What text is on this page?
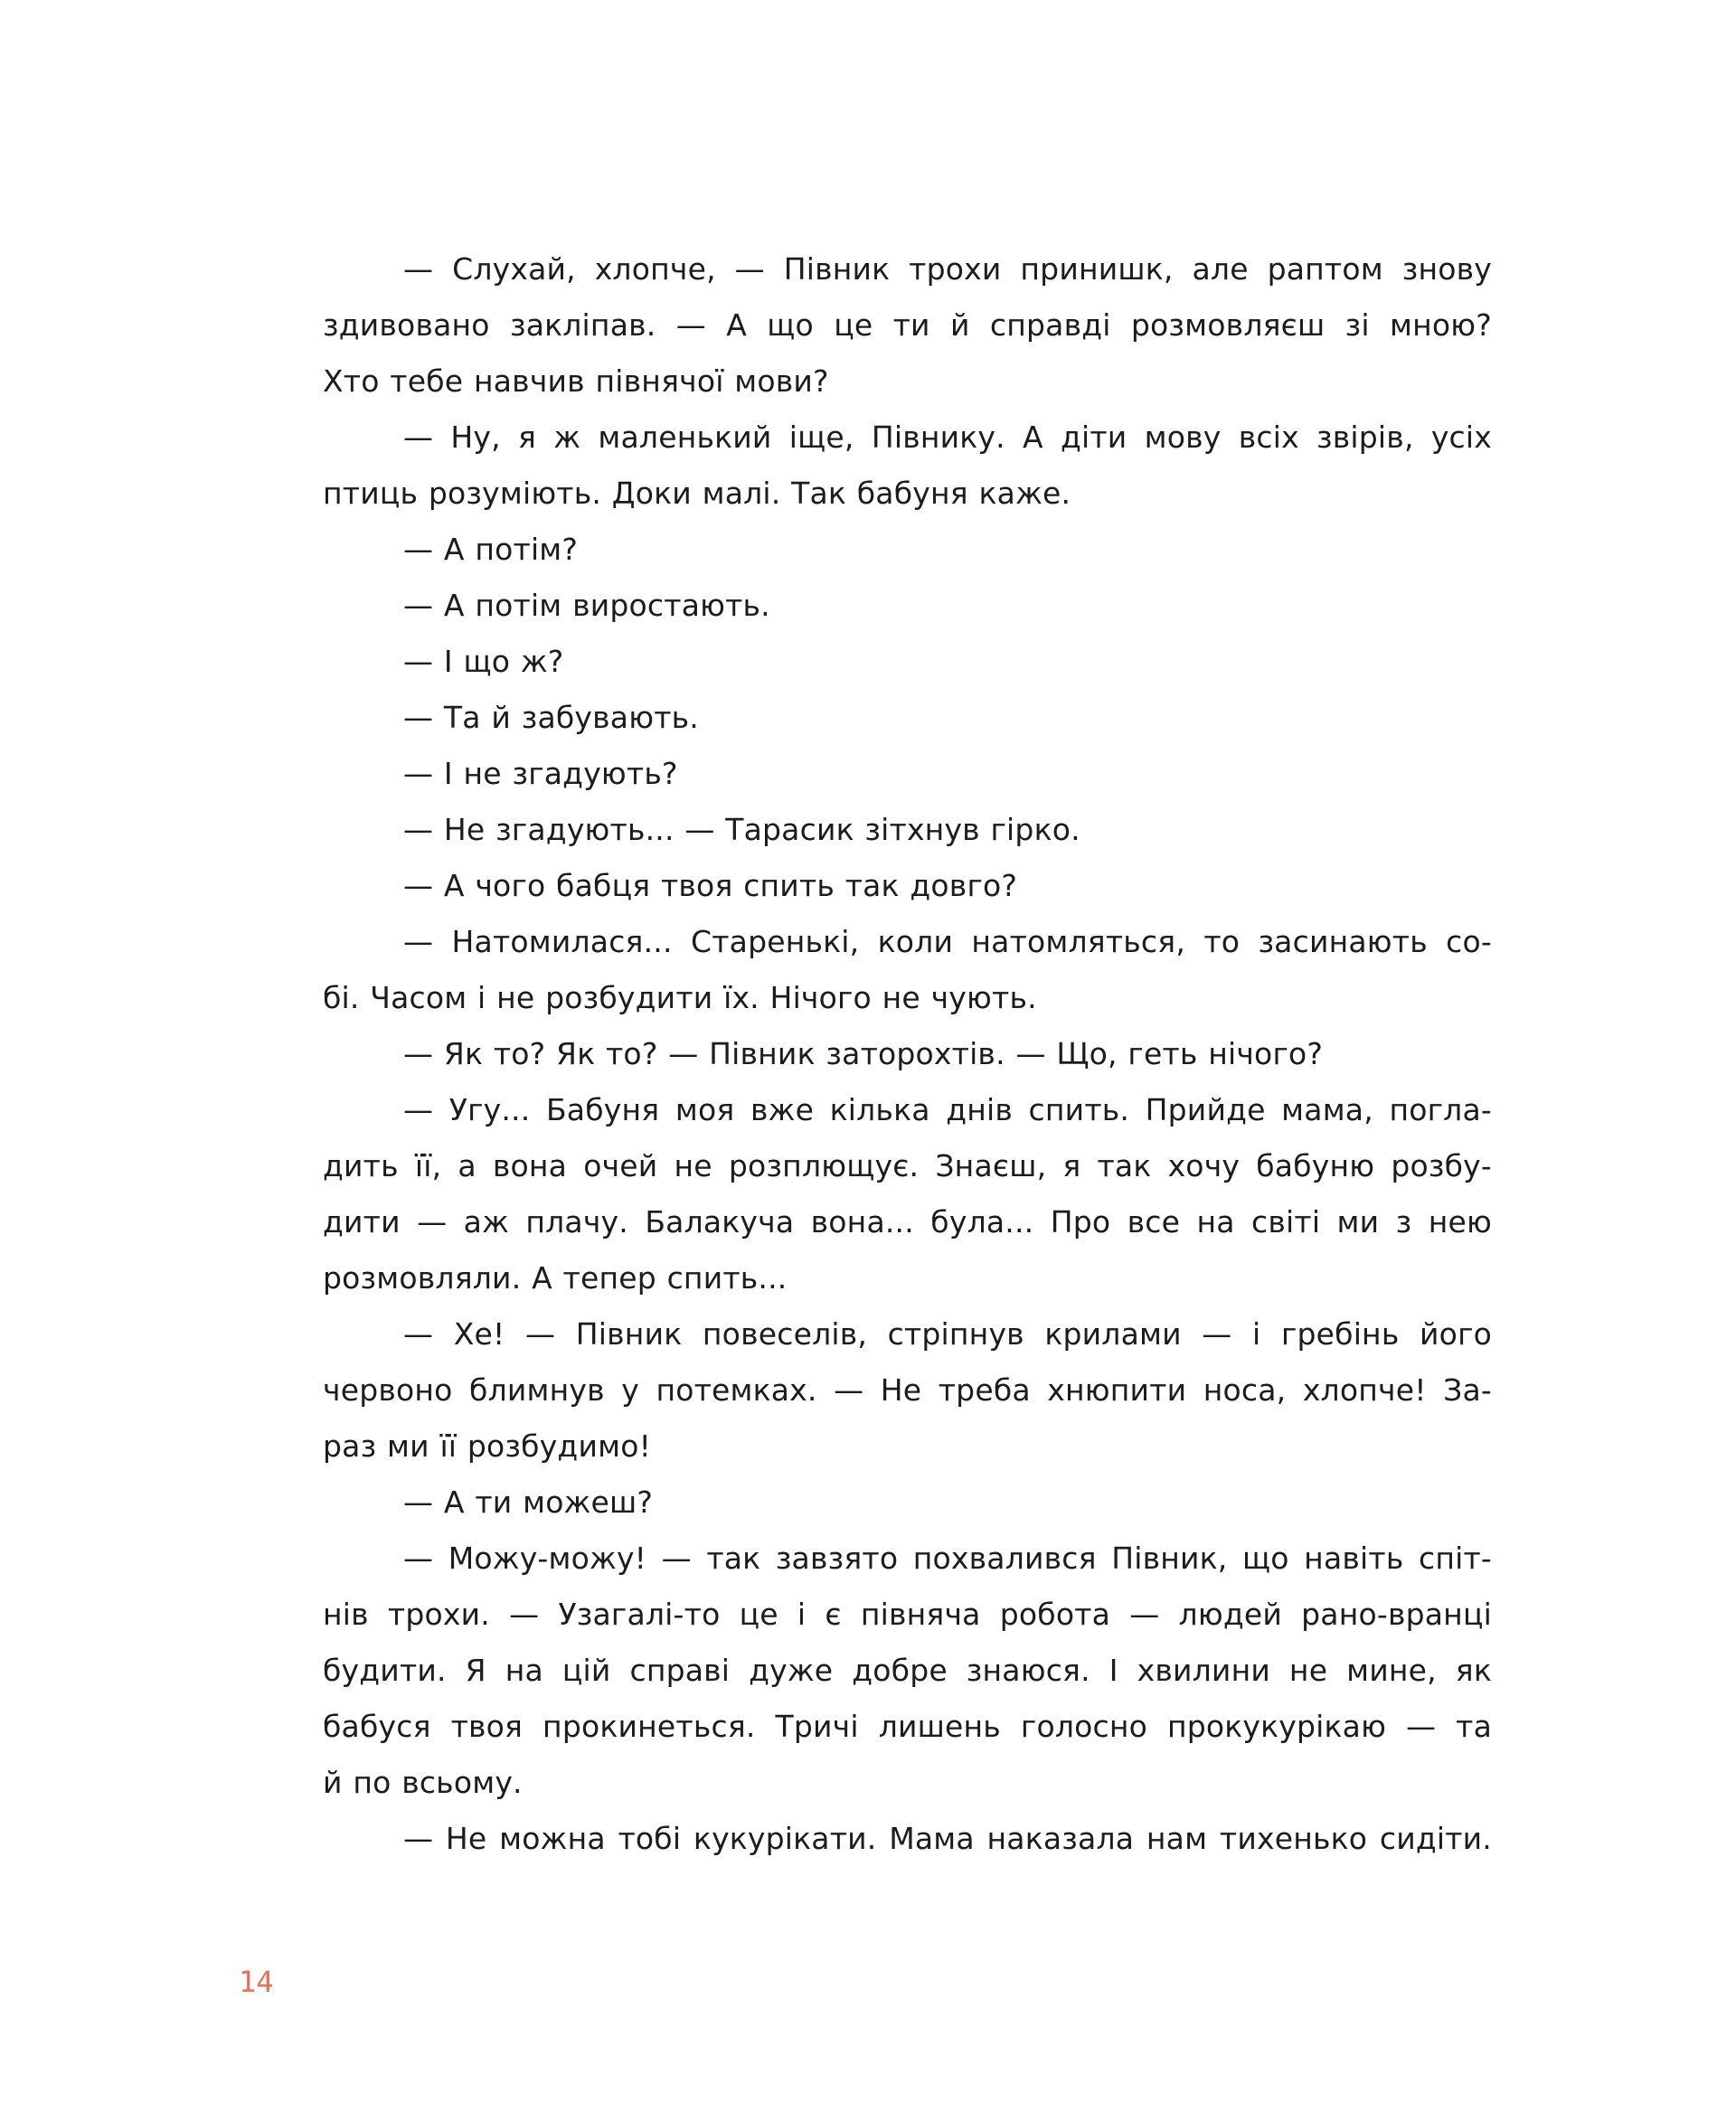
— Слухай, хлопче, — Півник трохи принишк, але раптом знову
здивовано закліпав. — А що це ти й справді розмовляєш зі мною?
Хто тебе навчив півнячої мови?
— Ну, я ж маленький іще, Півнику. А діти мову всіх звірів, усіх
птиць розуміють. Доки малі. Так бабуня каже.
— А потім?
— А потім виростають.
— І що ж?
— Та й забувають.
— І не згадують?
— Не згадують... — Тарасик зітхнув гірко.
— А чого бабця твоя спить так довго?
— Натомилася... Старенькі, коли натомляться, то засинають со-
бі. Часом і не розбудити їх. Нічого не чують.
— Як то? Як то? — Півник заторохтів. — Що, геть нічого?
— Угу... Бабуня моя вже кілька днів спить. Прийде мама, погла-
дить її, а вона очей не розплющує. Знаєш, я так хочу бабуню розбу-
дити — аж плачу. Балакуча вона... була... Про все на світі ми з нею
розмовляли. А тепер спить...
— Хе! — Півник повеселів, стріпнув крилами — і гребінь його
червоно блимнув у потемках. — Не треба хнюпити носа, хлопче! За-
раз ми її розбудимо!
— А ти можеш?
— Можу-можу! — так завзято похвалився Півник, що навіть спіт-
нів трохи. — Узагалі-то це і є півняча робота — людей рано-вранці
будити. Я на цій справі дуже добре знаюся. І хвилини не мине, як
бабуся твоя прокинеться. Тричі лишень голосно прокукурікаю — та
й по всьому.
— Не можна тобі кукурікати. Мама наказала нам тихенько сидіти.
14
